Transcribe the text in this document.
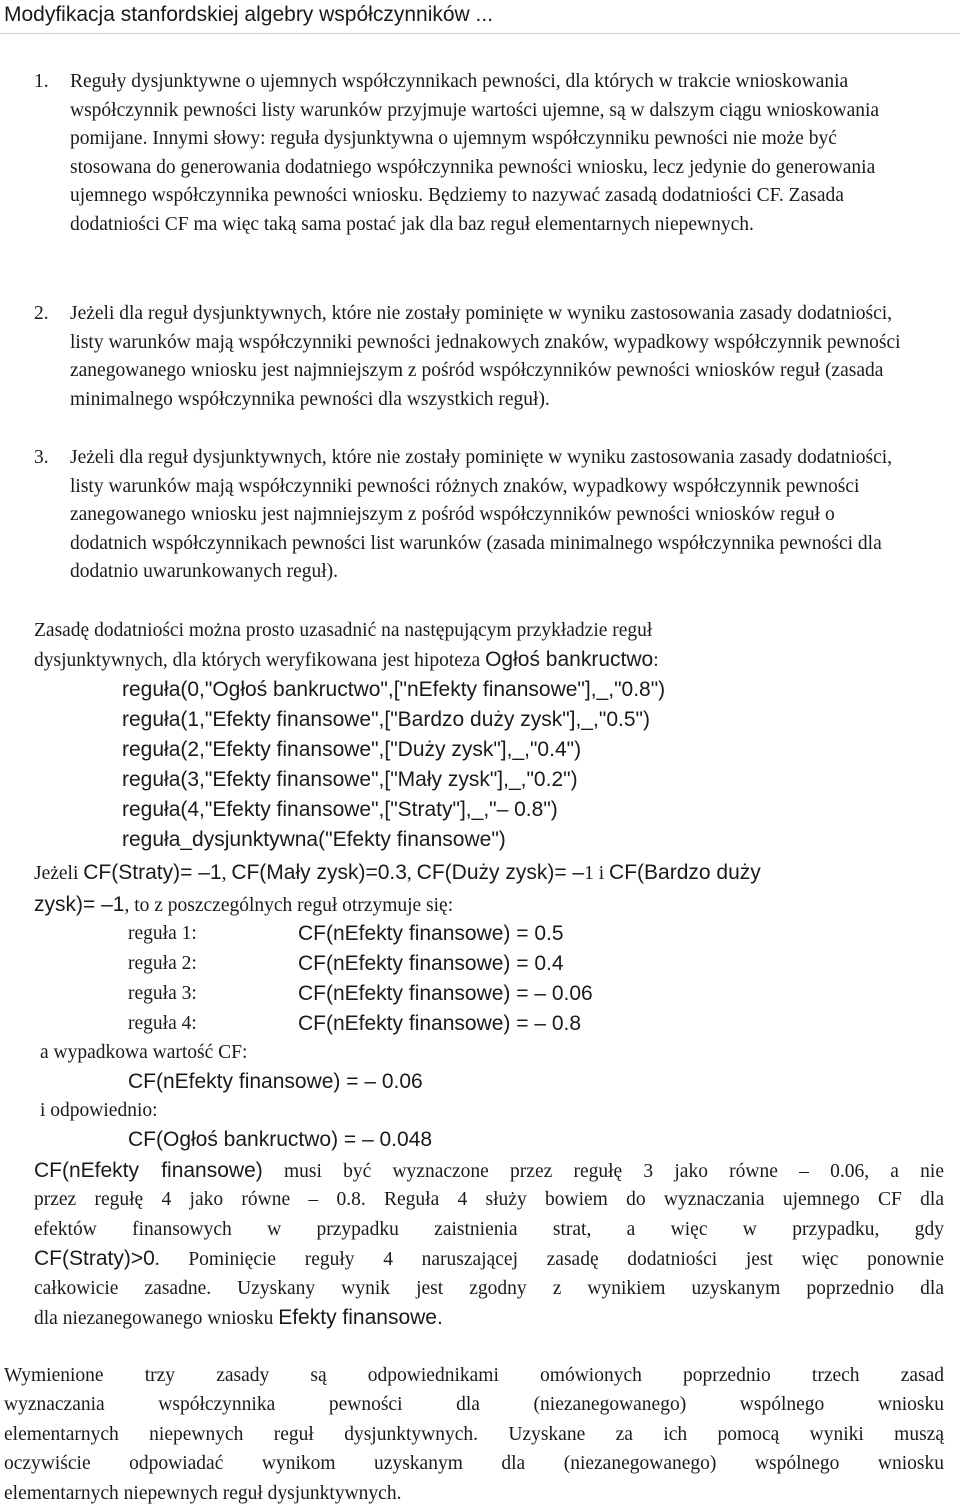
Modyfikacja stanfordskiej algebry współczynników ...
1. Reguły dysjunktywne o ujemnych współczynnikach pewności, dla których w trakcie wnioskowania współczynnik pewności listy warunków przyjmuje wartości ujemne, są w dalszym ciągu wnioskowania pomijane. Innymi słowy: reguła dysjunktywna o ujemnym współczynniku pewności nie może być stosowana do generowania dodatniego współczynnika pewności wniosku, lecz jedynie do generowania ujemnego współczynnika pewności wniosku. Będziemy to nazywać zasadą dodatniości CF. Zasada dodatniości CF ma więc taką sama postać jak dla baz reguł elementarnych niepewnych.
2. Jeżeli dla reguł dysjunktywnych, które nie zostały pominięte w wyniku zastosowania zasady dodatniości, listy warunków mają współczynniki pewności jednakowych znaków, wypadkowy współczynnik pewności zanegowanego wniosku jest najmniejszym z pośród współczynników pewności wniosków reguł (zasada minimalnego współczynnika pewności dla wszystkich reguł).
3. Jeżeli dla reguł dysjunktywnych, które nie zostały pominięte w wyniku zastosowania zasady dodatniości, listy warunków mają współczynniki pewności różnych znaków, wypadkowy współczynnik pewności zanegowanego wniosku jest najmniejszym z pośród współczynników pewności wniosków reguł o dodatnich współczynnikach pewności list warunków (zasada minimalnego współczynnika pewności dla dodatnio uwarunkowanych reguł).
Zasadę dodatniości można prosto uzasadnić na następującym przykładzie reguł
dysjunktywnych, dla których weryfikowana jest hipoteza Ogłoś bankructwo:
reguła(0,"Ogłoś bankructwo",["nEfekty finansowe"],_,"0.8")
reguła(1,"Efekty finansowe",["Bardzo duży zysk"],_,"0.5")
reguła(2,"Efekty finansowe",["Duży zysk"],_,"0.4")
reguła(3,"Efekty finansowe",["Mały zysk"],_,"0.2")
reguła(4,"Efekty finansowe",["Straty"],_,"– 0.8")
reguła_dysjunktywna("Efekty finansowe")
Jeżeli CF(Straty)= –1, CF(Mały zysk)=0.3, CF(Duży zysk)= –1 i CF(Bardzo duży
zysk)= –1, to z poszczególnych reguł otrzymuje się:
reguła 1:	CF(nEfekty finansowe) = 0.5
reguła 2:	CF(nEfekty finansowe) = 0.4
reguła 3:	CF(nEfekty finansowe) = – 0.06
reguła 4:	CF(nEfekty finansowe) = – 0.8
a wypadkowa wartość CF:
CF(nEfekty finansowe) = – 0.06
i odpowiednio:
CF(Ogłoś bankructwo) = – 0.048
CF(nEfekty finansowe) musi być wyznaczone przez regułę 3 jako równe – 0.06, a nie
przez regułę 4 jako równe – 0.8. Reguła 4 służy bowiem do wyznaczania ujemnego CF dla
efektów finansowych w przypadku zaistnienia strat, a więc w przypadku, gdy
CF(Straty)>0. Pominięcie reguły 4 naruszającej zasadę dodatniości jest więc ponownie
całkowicie zasadne. Uzyskany wynik jest zgodny z wynikiem uzyskanym poprzednio dla
dla niezanegowanego wniosku Efekty finansowe.
Wymienione trzy zasady są odpowiednikami omówionych poprzednio trzech zasad
wyznaczania współczynnika pewności dla (niezanegowanego) wspólnego wniosku
elementarnych niepewnych reguł dysjunktywnych. Uzyskane za ich pomocą wyniki muszą
oczywiście odpowiadać wynikom uzyskanym dla (niezanegowanego) wspólnego wniosku
elementarnych niepewnych reguł dysjunktywnych.
